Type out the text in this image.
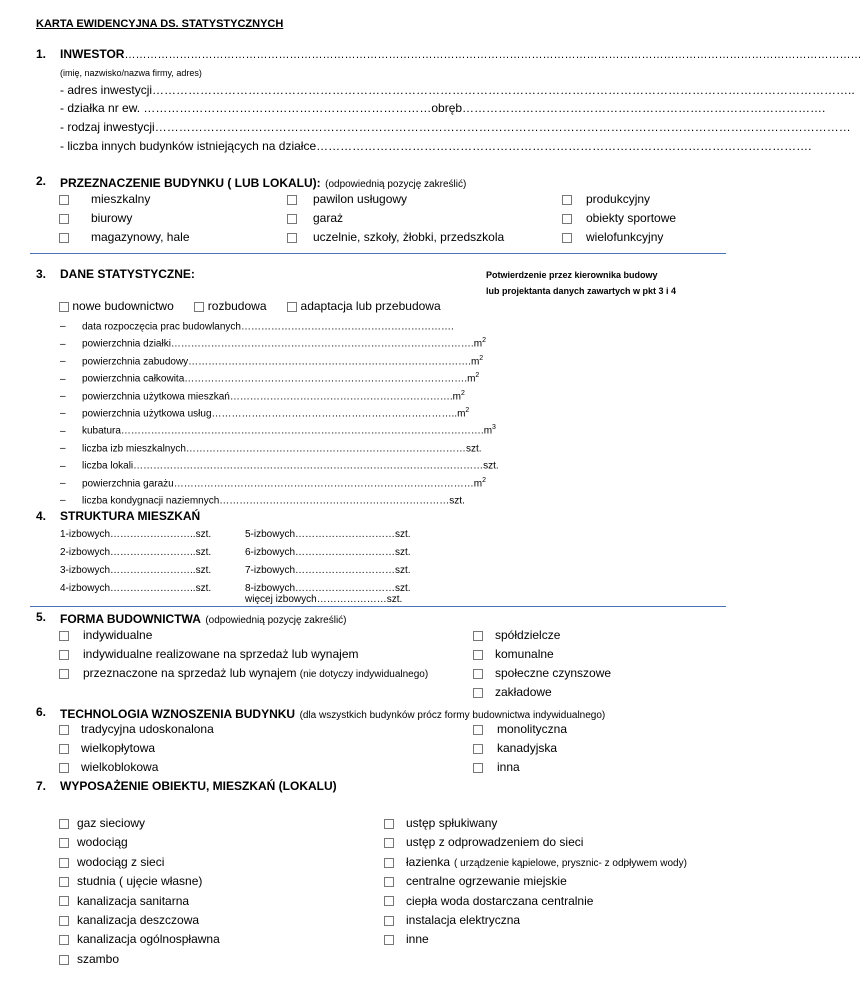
KARTA EWIDENCYJNA DS. STATYSTYCZNYCH
1. INWESTOR…………………………………………………………………………………………………………………………………………………………………………………
(imię, nazwisko/nazwa firmy, adres)
- adres inwestycji…………………………………………………………………………………………………………………………………………………………..
- działka nr ew. ………………………………………………………………obręb……………………………………………………………………………….
- rodzaj inwestycji…………………………………………………………………………………………………………………………………………………………
- liczba innych budynków istniejących na działce…………………………………………………………………………………………………………….
2. PRZEZNACZENIE BUDYNKU ( LUB LOKALU): (odpowiednią pozycję zakreślić)
mieszkalny
biurowy
magazynowy, hale
pawilon usługowy
garaż
uczelnie, szkoły, żłobki, przedszkola
produkcyjny
obiekty sportowe
wielofunkcyjny
3. DANE STATYSTYCZNE:	Potwierdzenie przez kierownika budowy
lub projektanta danych zawartych w pkt 3 i 4
nowe budownictwo	rozbudowa	adaptacja lub przebudowa
– data rozpoczęcia prac budowlanych……………………………………………………….
– powierzchnia $działki\dots\dots\dots\dots\dots\dots\dots\dots\dots\dots\dots\dots\dots\dots\dots\dots\dots\dots\dots\dots\dots\dots\dots\dots\dots\dots\dots\dots\dots\dots.m^2$
– powierzchnia $zabudowy\dots\dots\dots\dots\dots\dots\dots\dots\dots\dots\dots\dots\dots\dots\dots\dots\dots\dots\dots\dots\dots\dots\dots\dots\dots\dots\dots\dots.m^2$
– powierzchnia $całkowita\dots\dots\dots\dots\dots\dots\dots\dots\dots\dots\dots\dots\dots\dots\dots\dots\dots\dots\dots\dots\dots\dots\dots\dots\dots\dots\dots\dots.m^2$
– powierzchnia użytkowa $mieszkań\dots\dots\dots\dots\dots\dots\dots\dots\dots\dots\dots\dots\dots\dots\dots\dots\dots\dots\dots\dots\dots\dots.m^2$
– powierzchnia użytkowa $usług\dots\dots\dots\dots\dots\dots\dots\dots\dots\dots\dots\dots\dots\dots\dots\dots\dots\dots\dots\dots\dots\dots\dots\dots..m^2$
– $kubatura\dots\dots\dots\dots\dots\dots\dots\dots\dots\dots\dots\dots\dots\dots\dots\dots\dots\dots\dots\dots\dots\dots\dots\dots\dots\dots\dots\dots\dots\dots\dots\dots\dots\dots\dots\dots.m^3$
– liczba izb mieszkalnych…………………………………………………………………………szt.
– liczba lokali……………………………………………………………………………………………szt.
– powierzchnia $garażu\dots\dots\dots\dots\dots\dots\dots\dots\dots\dots\dots\dots\dots\dots\dots\dots\dots\dots\dots\dots\dots\dots\dots\dots\dots\dots\dots\dots\dots\dots m^2$
– liczba kondygnacji naziemnych……………………………………………………………szt.
4. STRUKTURA MIESZKAŃ
1-izbowych……………………..szt.
2-izbowych……………………..szt.
3-izbowych……………………..szt.
4-izbowych……………………..szt.
5-izbowych…………………………szt.
6-izbowych…………………………szt.
7-izbowych…………………………szt.
8-izbowych…………………………szt.
więcej izbowych…………………szt.
5. FORMA BUDOWNICTWA (odpowiednią pozycję zakreślić)
indywidualne
indywidualne realizowane na sprzedaż lub wynajem
przeznaczone na sprzedaż lub wynajem (nie dotyczy indywidualnego)
spółdzielcze
komunalne
społeczne czynszowe
zakładowe
6. TECHNOLOGIA WZNOSZENIA BUDYNKU (dla wszystkich budynków prócz formy budownictwa indywidualnego)
tradycyjna udoskonalona
wielkopłytowa
wielkoblokowa
monolityczna
kanadyjska
inna
7. WYPOSAŻENIE OBIEKTU, MIESZKAŃ (LOKALU)
gaz sieciowy
wodociąg
wodociąg z sieci
studnia ( ujęcie własne)
kanalizacja sanitarna
kanalizacja deszczowa
kanalizacja ogólnospławna
szambo
ustęp spłukiwany
ustęp z odprowadzeniem do sieci
łazienka ( urządzenie kąpielowe, prysznic- z odpływem wody)
centralne ogrzewanie miejskie
ciepła woda dostarczana centralnie
instalacja elektryczna
inne
